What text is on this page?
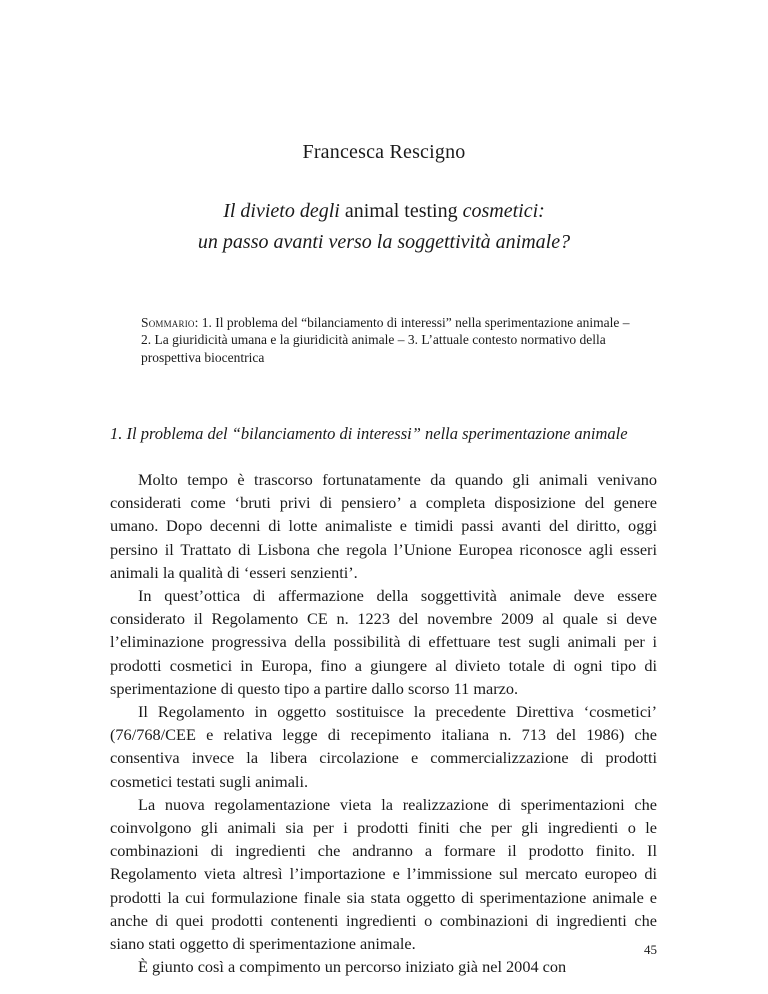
Francesca Rescigno
Il divieto degli animal testing cosmetici:
un passo avanti verso la soggettività animale?
Sommario: 1. Il problema del “bilanciamento di interessi” nella sperimentazione animale – 2. La giuridicità umana e la giuridicità animale – 3. L’attuale contesto normativo della prospettiva biocentrica
1. Il problema del “bilanciamento di interessi” nella sperimentazione animale

Molto tempo è trascorso fortunatamente da quando gli animali venivano considerati come ‘bruti privi di pensiero’ a completa disposizione del genere umano. Dopo decenni di lotte animaliste e timidi passi avanti del diritto, oggi persino il Trattato di Lisbona che regola l’Unione Europea riconosce agli esseri animali la qualità di ‘esseri senzienti’.

In quest’ottica di affermazione della soggettività animale deve essere considerato il Regolamento CE n. 1223 del novembre 2009 al quale si deve l’eliminazione progressiva della possibilità di effettuare test sugli animali per i prodotti cosmetici in Europa, fino a giungere al divieto totale di ogni tipo di sperimentazione di questo tipo a partire dallo scorso 11 marzo.

Il Regolamento in oggetto sostituisce la precedente Direttiva ‘cosmetici’ (76/768/CEE e relativa legge di recepimento italiana n. 713 del 1986) che consentiva invece la libera circolazione e commercializzazione di prodotti cosmetici testati sugli animali.

La nuova regolamentazione vieta la realizzazione di sperimentazioni che coinvolgono gli animali sia per i prodotti finiti che per gli ingredienti o le combinazioni di ingredienti che andranno a formare il prodotto finito. Il Regolamento vieta altresì l’importazione e l’immissione sul mercato europeo di prodotti la cui formulazione finale sia stata oggetto di sperimentazione animale e anche di quei prodotti contenenti ingredienti o combinazioni di ingredienti che siano stati oggetto di sperimentazione animale.

È giunto così a compimento un percorso iniziato già nel 2004 con

45
